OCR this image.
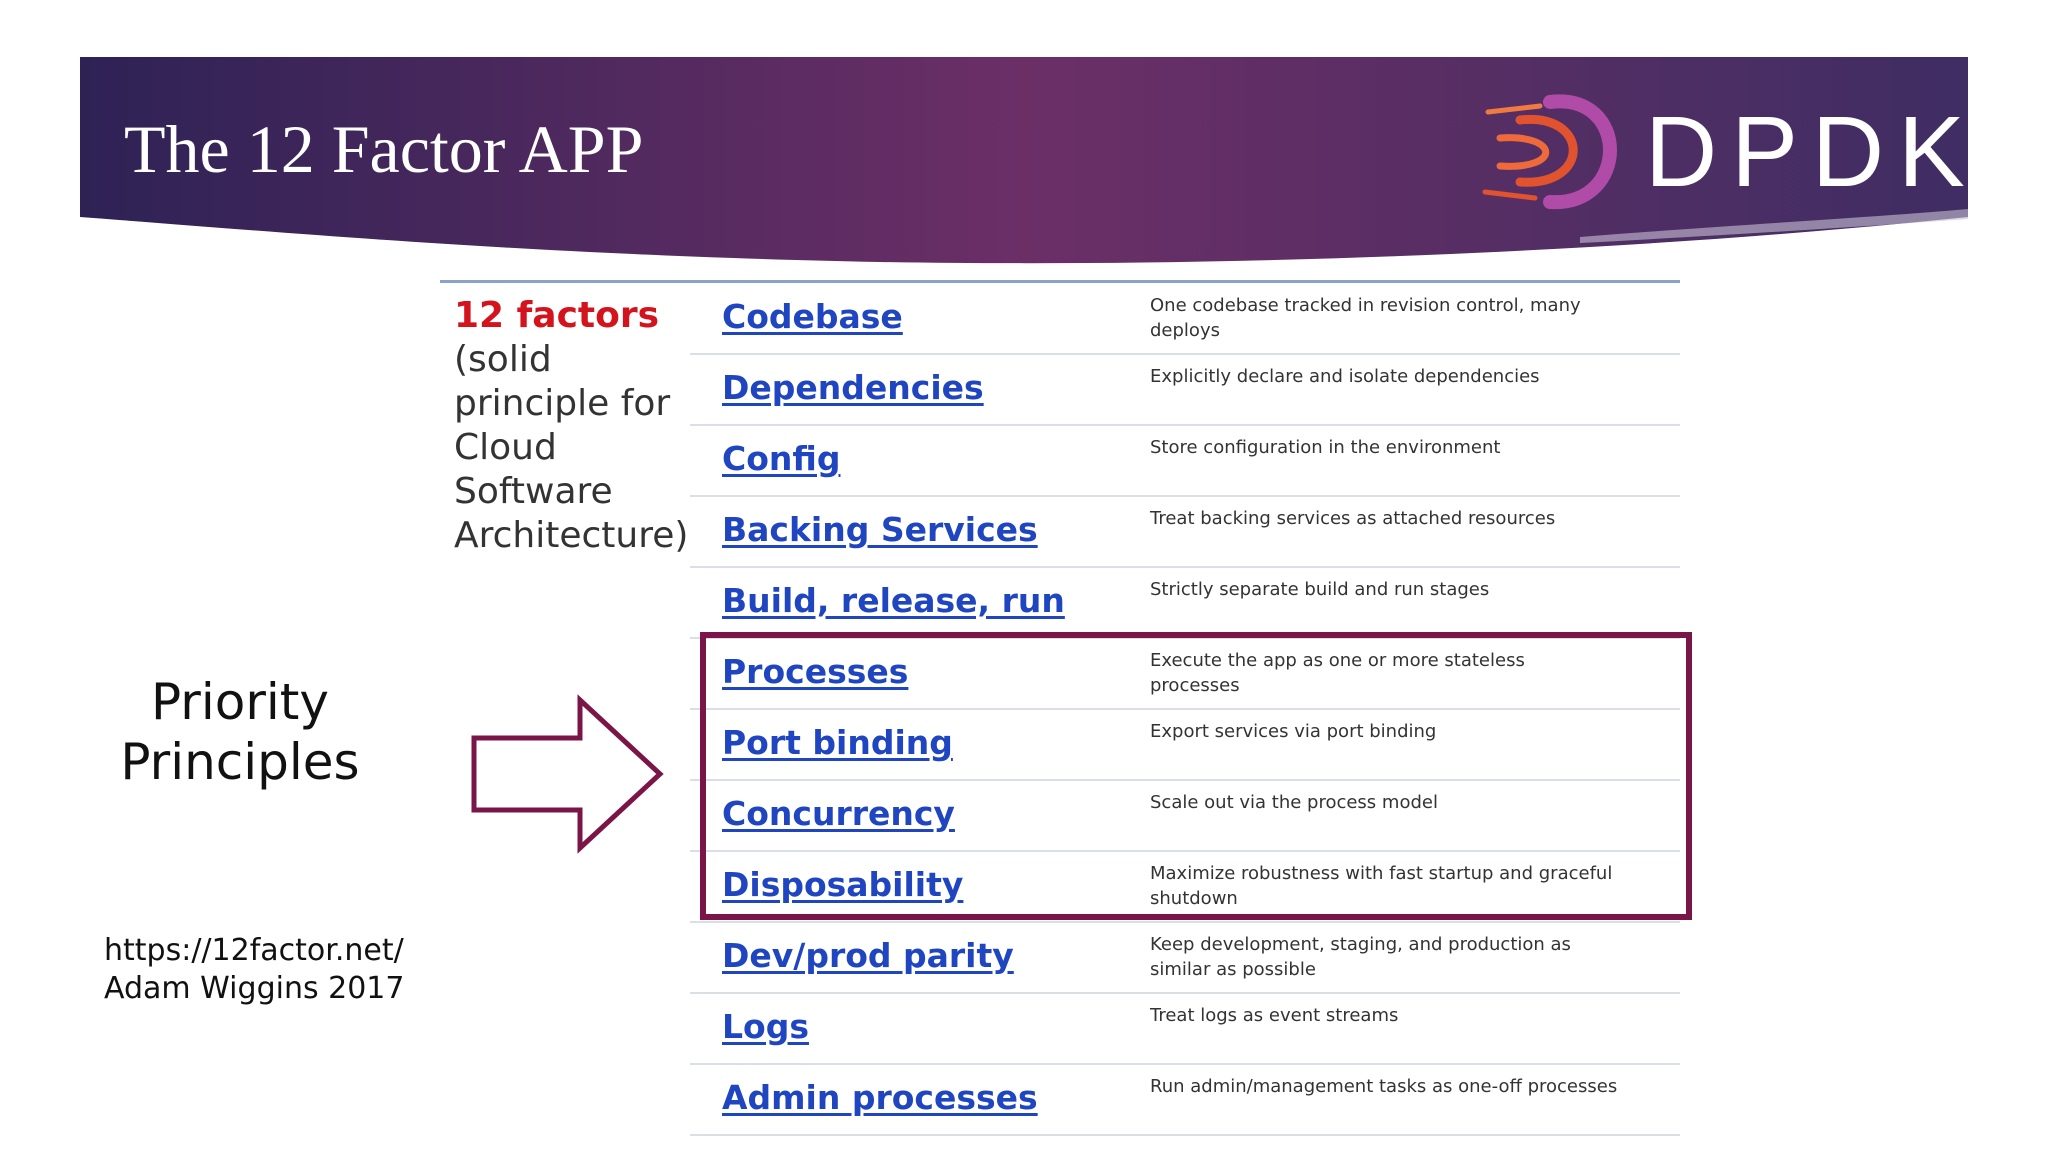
The 12 Factor APP	DPDK
12 factors
(solid principle for Cloud Software Architecture)
Codebase	One codebase tracked in revision control, many deploys
Dependencies	Explicitly declare and isolate dependencies
Config	Store configuration in the environment
Backing Services	Treat backing services as attached resources
Build, release, run	Strictly separate build and run stages
Processes	Execute the app as one or more stateless processes
Port binding	Export services via port binding
Concurrency	Scale out via the process model
Disposability	Maximize robustness with fast startup and graceful shutdown
Dev/prod parity	Keep development, staging, and production as similar as possible
Logs	Treat logs as event streams
Admin processes	Run admin/management tasks as one-off processes
Priority
Principles
https://12factor.net/
Adam Wiggins 2017
